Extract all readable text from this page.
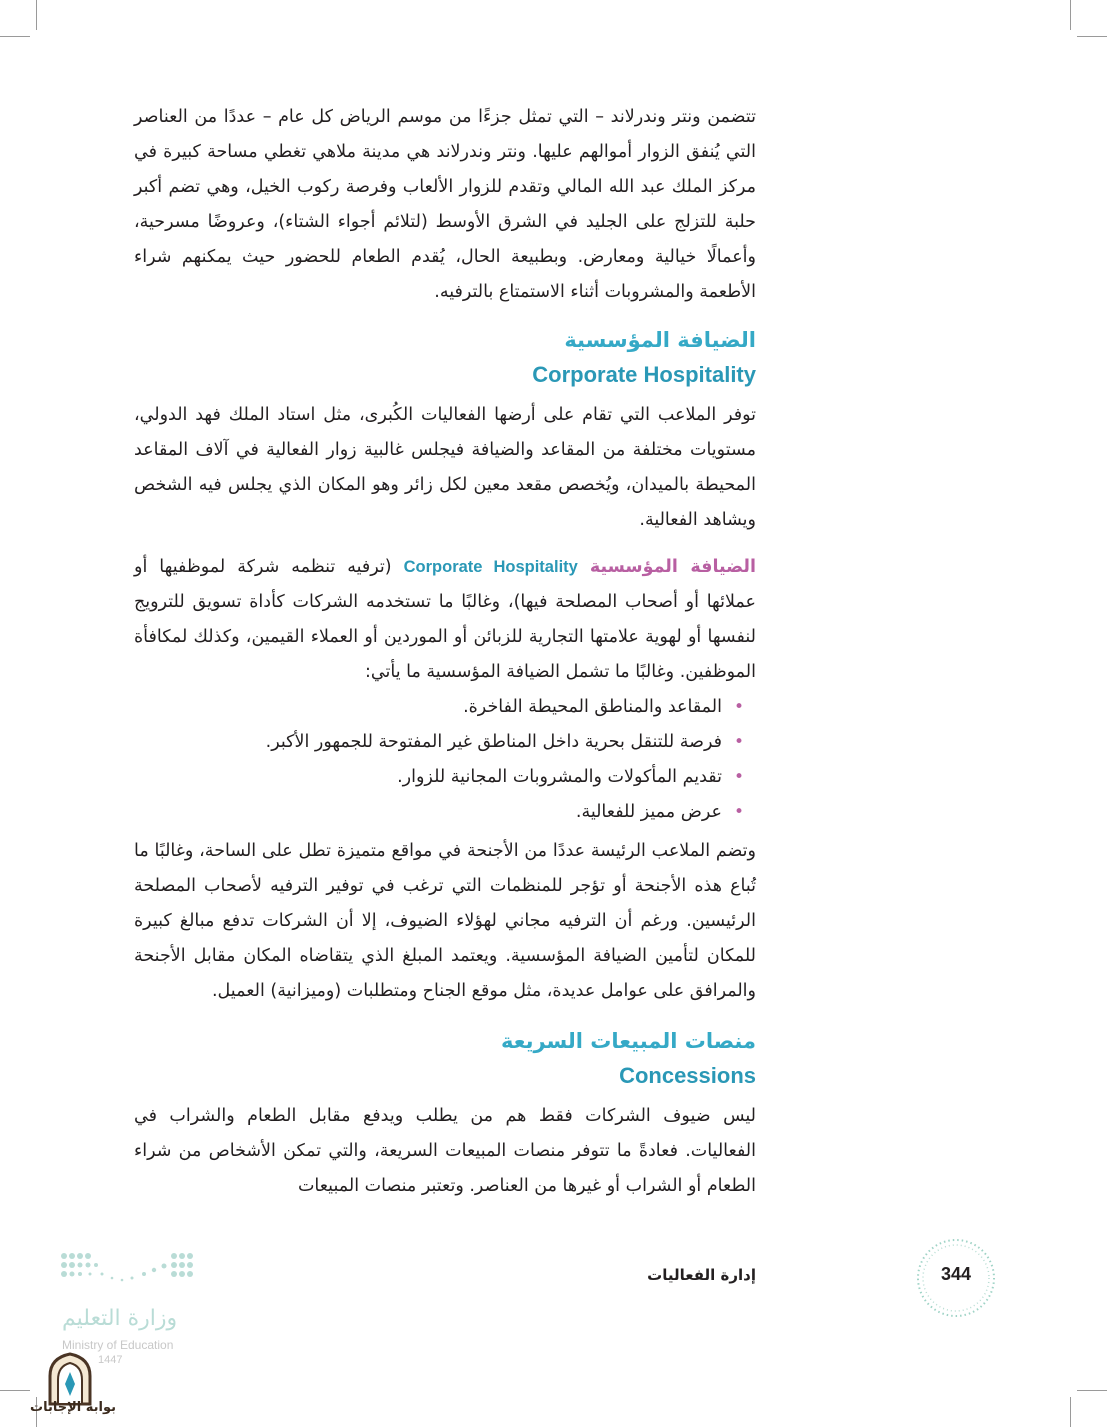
تتضمن ونتر وندرلاند – التي تمثل جزءًا من موسم الرياض كل عام – عددًا من العناصر التي يُنفق الزوار أموالهم عليها. ونتر وندرلاند هي مدينة ملاهي تغطي مساحة كبيرة في مركز الملك عبد الله المالي وتقدم للزوار الألعاب وفرصة ركوب الخيل، وهي تضم أكبر حلبة للتزلج على الجليد في الشرق الأوسط (لتلائم أجواء الشتاء)، وعروضًا مسرحية، وأعمالًا خيالية ومعارض. وبطبيعة الحال، يُقدم الطعام للحضور حيث يمكنهم شراء الأطعمة والمشروبات أثناء الاستمتاع بالترفيه.

الضيافة المؤسسية
Corporate Hospitality

توفر الملاعب التي تقام على أرضها الفعاليات الكُبرى، مثل استاد الملك فهد الدولي، مستويات مختلفة من المقاعد والضيافة فيجلس غالبية زوار الفعالية في آلاف المقاعد المحيطة بالميدان، ويُخصص مقعد معين لكل زائر وهو المكان الذي يجلس فيه الشخص ويشاهد الفعالية.

الضيافة المؤسسية Corporate Hospitality (ترفيه تنظمه شركة لموظفيها أو عملائها أو أصحاب المصلحة فيها)، وغالبًا ما تستخدمه الشركات كأداة تسويق للترويج لنفسها أو لهوية علامتها التجارية للزبائن أو الموردين أو العملاء القيمين، وكذلك لمكافأة الموظفين. وغالبًا ما تشمل الضيافة المؤسسية ما يأتي:

• المقاعد والمناطق المحيطة الفاخرة.
• فرصة للتنقل بحرية داخل المناطق غير المفتوحة للجمهور الأكبر.
• تقديم المأكولات والمشروبات المجانية للزوار.
• عرض مميز للفعالية.

وتضم الملاعب الرئيسة عددًا من الأجنحة في مواقع متميزة تطل على الساحة، وغالبًا ما تُباع هذه الأجنحة أو تؤجر للمنظمات التي ترغب في توفير الترفيه لأصحاب المصلحة الرئيسين. ورغم أن الترفيه مجاني لهؤلاء الضيوف، إلا أن الشركات تدفع مبالغ كبيرة للمكان لتأمين الضيافة المؤسسية. ويعتمد المبلغ الذي يتقاضاه المكان مقابل الأجنحة والمرافق على عوامل عديدة، مثل موقع الجناح ومتطلبات (وميزانية) العميل.

منصات المبيعات السريعة
Concessions

ليس ضيوف الشركات فقط هم من يطلب ويدفع مقابل الطعام والشراب في الفعاليات. فعادةً ما تتوفر منصات المبيعات السريعة، والتي تمكن الأشخاص من شراء الطعام أو الشراب أو غيرها من العناصر. وتعتبر منصات المبيعات

إدارة الفعاليات	344
وزارة التعليم
Ministry of Education
1447
بوابة الإجابات
